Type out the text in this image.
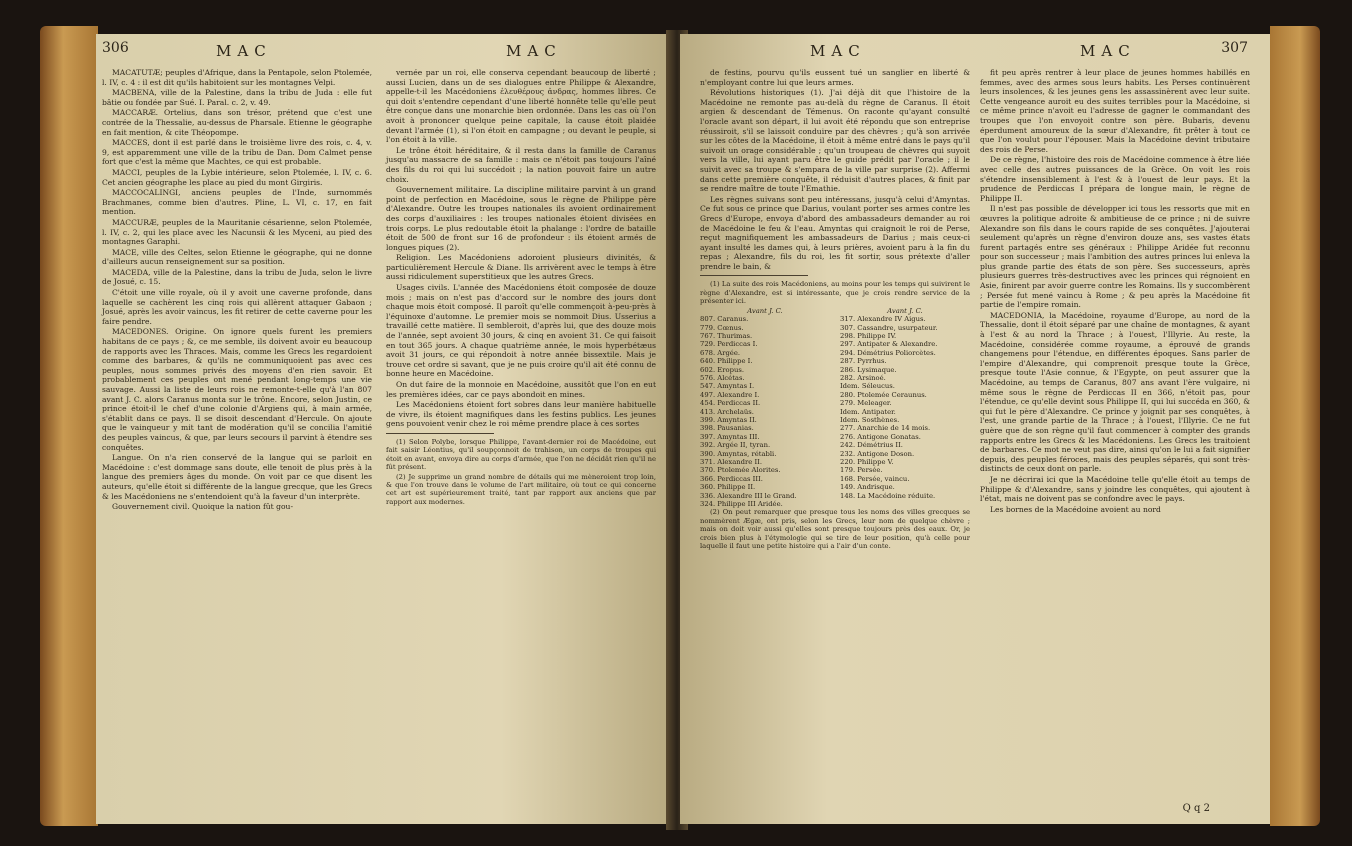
306	MAC	MAC

MACATUTÆ; peuples d'Afrique, dans la Pentapole, selon Ptolemée, l. IV, c. 4 : il est dit qu'ils habitoient sur les montagnes Velpi.

MACBENA, ville de la Palestine, dans la tribu de Juda : elle fut bâtie ou fondée par Sué. I. Paral. c. 2, v. 49.

MACCARÆ. Ortelius, dans son trésor, prétend que c'est une contrée de la Thessalie, au-dessus de Pharsale. Etienne le géographe en fait mention, & cite Théopompe.

MACCES, dont il est parlé dans le troisième livre des rois, c. 4, v. 9, est apparemment une ville de la tribu de Dan. Dom Calmet pense fort que c'est la même que Machtes, ce qui est probable.

MACCI, peuples de la Lybie intérieure, selon Ptolemée, l. IV, c. 6. Cet ancien géographe les place au pied du mont Girgiris.

MACCOCALINGI, anciens peuples de l'Inde, surnommés Brachmanes, comme bien d'autres. Pline, L. VI, c. 17, en fait mention.

MACCURÆ, peuples de la Mauritanie césarienne, selon Ptolemée, l. IV, c. 2, qui les place avec les Nacunsii & les Myceni, au pied des montagnes Garaphi.

MACE, ville des Celtes, selon Etienne le géographe, qui ne donne d'ailleurs aucun renseignement sur sa position.

MACEDA, ville de la Palestine, dans la tribu de Juda, selon le livre de Josué, c. 15.

C'étoit une ville royale, où il y avoit une caverne profonde, dans laquelle se cachèrent les cinq rois qui allèrent attaquer Gabaon ; Josué, après les avoir vaincus, les fit retirer de cette caverne pour les faire pendre.

MACEDONES. Origine. On ignore quels furent les premiers habitans de ce pays ; &, ce me semble, ils doivent avoir eu beaucoup de rapports avec les Thraces. Mais, comme les Grecs les regardoient comme des barbares, & qu'ils ne communiquoient pas avec ces peuples, nous sommes privés des moyens d'en rien savoir. Et probablement ces peuples ont mené pendant long-temps une vie sauvage. Aussi la liste de leurs rois ne remonte-t-elle qu'à l'an 807 avant J. C. alors Caranus monta sur le trône. Encore, selon Justin, ce prince étoit-il le chef d'une colonie d'Argiens qui, à main armée, s'établit dans ce pays. Il se disoit descendant d'Hercule. On ajoute que le vainqueur y mit tant de modération qu'il se concilia l'amitié des peuples vaincus, & que, par leurs secours il parvint à étendre ses conquêtes.

Langue. On n'a rien conservé de la langue qui se parloit en Macédoine : c'est dommage sans doute, elle tenoit de plus près à la langue des premiers âges du monde. On voit par ce que disent les auteurs, qu'elle étoit si différente de la langue grecque, que les Grecs & les Macédoniens ne s'entendoient qu'à la faveur d'un interprète.

Gouvernement civil. Quoique la nation fût gou-

vernée par un roi, elle conserva cependant beaucoup de liberté ; aussi Lucien, dans un de ses dialogues entre Philippe & Alexandre, appelle-t-il les Macédoniens ἐλευθέρους ἀνδρας, hommes libres. Ce qui doit s'entendre cependant d'une liberté honnête telle qu'elle peut être conçue dans une monarchie bien ordonnée. Dans les cas où l'on avoit à prononcer quelque peine capitale, la cause étoit plaidée devant l'armée (1), si l'on étoit en campagne ; ou devant le peuple, si l'on étoit à la ville.

Le trône étoit héréditaire, & il resta dans la famille de Caranus jusqu'au massacre de sa famille : mais ce n'étoit pas toujours l'aîné des fils du roi qui lui succédoit ; la nation pouvoit faire un autre choix.

Gouvernement militaire. La discipline militaire parvint à un grand point de perfection en Macédoine, sous le règne de Philippe père d'Alexandre. Outre les troupes nationales ils avoient ordinairement des corps d'auxiliaires : les troupes nationales étoient divisées en trois corps. Le plus redoutable étoit la phalange : l'ordre de bataille étoit de 500 de front sur 16 de profondeur : ils étoient armés de longues piques (2).

Religion. Les Macédoniens adoroient plusieurs divinités, & particulièrement Hercule & Diane. Ils arrivèrent avec le temps à être aussi ridiculement superstitieux que les autres Grecs.

Usages civils. L'année des Macédoniens étoit composée de douze mois ; mais on n'est pas d'accord sur le nombre des jours dont chaque mois étoit composé. Il paroît qu'elle commençoit à-peu-près à l'équinoxe d'automne. Le premier mois se nommoit Dius. Usserius a travaillé cette matière. Il sembleroit, d'après lui, que des douze mois de l'année, sept avoient 30 jours, & cinq en avoient 31. Ce qui faisoit en tout 365 jours. A chaque quatrième année, le mois hyperbétæus avoit 31 jours, ce qui répondoit à notre année bissextile. Mais je trouve cet ordre si savant, que je ne puis croire qu'il ait été connu de bonne heure en Macédoine.

On dut faire de la monnoie en Macédoine, aussitôt que l'on en eut les premières idées, car ce pays abondoit en mines.

Les Macédoniens étoient fort sobres dans leur manière habituelle de vivre, ils étoient magnifiques dans les festins publics. Les jeunes gens pouvoient venir chez le roi même prendre place à ces sortes

(1) Selon Polybe, lorsque Philippe, l'avant-dernier roi de Macédoine, eut fait saisir Léontius, qu'il soupçonnoit de trahison, un corps de troupes qui étoit en avant, envoya dire au corps d'armée, que l'on ne décidât rien qu'il ne fût présent.

(2) Je supprime un grand nombre de détails qui me mèneroient trop loin, & que l'on trouve dans le volume de l'art militaire, où tout ce qui concerne cet art est supérieurement traité, tant par rapport aux anciens que par rapport aux modernes.

MAC	MAC	307

de festins, pourvu qu'ils eussent tué un sanglier en liberté & n'employant contre lui que leurs armes.

Révolutions historiques (1). J'ai déjà dit que l'histoire de la Macédoine ne remonte pas au-delà du règne de Caranus. Il étoit argien & descendant de Témenus. On raconte qu'ayant consulté l'oracle avant son départ, il lui avoit été répondu que son entreprise réussiroit, s'il se laissoit conduire par des chèvres ; qu'à son arrivée sur les côtes de la Macédoine, il étoit à même entré dans le pays qu'il suivoit un orage considérable ; qu'un troupeau de chèvres qui suyoit vers la ville, lui ayant paru être le guide prédit par l'oracle ; il le suivit avec sa troupe & s'empara de la ville par surprise (2). Affermi dans cette première conquête, il réduisit d'autres places, & finit par se rendre maître de toute l'Emathie.

Les règnes suivans sont peu intéressans, jusqu'à celui d'Amyntas. Ce fut sous ce prince que Darius, voulant porter ses armes contre les Grecs d'Europe, envoya d'abord des ambassadeurs demander au roi de Macédoine le feu & l'eau. Amyntas qui craignoit le roi de Perse, reçut magnifiquement les ambassadeurs de Darius ; mais ceux-ci ayant insulté les dames qui, à leurs prières, avoient paru à la fin du repas ; Alexandre, fils du roi, les fit sortir, sous prétexte d'aller prendre le bain, &

(1) La suite des rois Macédoniens, au moins pour les temps qui suivirent le règne d'Alexandre, est si intéressante, que je crois rendre service de la présenter ici.

Avant J. C.
807. Caranus.
779. Cœnus.
767. Thurimas.
729. Perdiccas I.
678. Argée.
640. Philippe I.
602. Eropus.
576. Alcétas.
547. Amyntas I.
497. Alexandre I.
454. Perdiccas II.
413. Archelaüs.
399. Amyntas II.
398. Pausanias.
397. Amyntas III.
392. Argée II, tyran.
390. Amyntas, rétabli.
371. Alexandre II.
370. Ptolemée Alorites.
366. Perdiccas III.
360. Philippe II.
336. Alexandre III le Grand.
324. Philippe III Aridée.
Avant J. C.
317. Alexandre IV Aigus.
307. Cassandre, usurpateur.
298. Philippe IV.
297. Antipater & Alexandre.
294. Démétrius Poliorcètes.
287. Pyrrhus.
286. Lysimaque.
282. Arsinoé.
Idem. Séleucus.
280. Ptolemée Ceraunus.
279. Meleager.
Idem. Antipater.
Idem. Sosthènes.
277. Anarchie de 14 mois.
276. Antigone Gonatas.
242. Démétrius II.
232. Antigone Doson.
220. Philippe V.
179. Persée.
168. Persée, vaincu.
149. Andrisque.
148. La Macédoine réduite.

(2) On peut remarquer que presque tous les noms des villes grecques se nommèrent Ægæ, ont pris, selon les Grecs, leur nom de quelque chèvre ; mais on doit voir aussi qu'elles sont presque toujours près des eaux. Or, je crois bien plus à l'étymologie qui se tire de leur position, qu'à celle pour laquelle il faut une petite histoire qui a l'air d'un conte.

fit peu après rentrer à leur place de jeunes hommes habillés en femmes, avec des armes sous leurs habits. Les Perses continuèrent leurs insolences, & les jeunes gens les assassinèrent avec leur suite. Cette vengeance auroit eu des suites terribles pour la Macédoine, si ce même prince n'avoit eu l'adresse de gagner le commandant des troupes que l'on envoyoit contre son père. Bubaris, devenu éperdument amoureux de la sœur d'Alexandre, fit prêter à tout ce que l'on voulut pour l'épouser. Mais la Macédoine devint tributaire des rois de Perse.

De ce règne, l'histoire des rois de Macédoine commence à être liée avec celle des autres puissances de la Grèce. On voit les rois s'étendre insensiblement à l'est & à l'ouest de leur pays. Et la prudence de Perdiccas I prépara de longue main, le règne de Philippe II.

Il n'est pas possible de développer ici tous les ressorts que mit en œuvres la politique adroite & ambitieuse de ce prince ; ni de suivre Alexandre son fils dans le cours rapide de ses conquêtes. J'ajouterai seulement qu'après un règne d'environ douze ans, ses vastes états furent partagés entre ses généraux : Philippe Aridée fut reconnu pour son successeur ; mais l'ambition des autres princes lui enleva la plus grande partie des états de son père. Ses successeurs, après plusieurs guerres très-destructives avec les princes qui régnoient en Asie, finirent par avoir guerre contre les Romains. Ils y succombèrent ; Persée fut mené vaincu à Rome ; & peu après la Macédoine fit partie de l'empire romain.

MACEDONIA, la Macédoine, royaume d'Europe, au nord de la Thessalie, dont il étoit séparé par une chaîne de montagnes, & ayant à l'est & au nord la Thrace ; à l'ouest, l'Illyrie. Au reste, la Macédoine, considérée comme royaume, a éprouvé de grands changemens pour l'étendue, en différentes époques. Sans parler de l'empire d'Alexandre, qui comprenoit presque toute la Grèce, presque toute l'Asie connue, & l'Egypte, on peut assurer que la Macédoine, au temps de Caranus, 807 ans avant l'ère vulgaire, ni même sous le règne de Perdiccas II en 366, n'étoit pas, pour l'étendue, ce qu'elle devint sous Philippe II, qui lui succéda en 360, & qui fut le père d'Alexandre. Ce prince y joignit par ses conquêtes, à l'est, une grande partie de la Thrace ; à l'ouest, l'Illyrie. Ce ne fut guère que de son règne qu'il faut commencer à compter des grands rapports entre les Grecs & les Macédoniens. Les Grecs les traitoient de barbares. Ce mot ne veut pas dire, ainsi qu'on le lui a fait signifier depuis, des peuples féroces, mais des peuples séparés, qui sont très-distincts de ceux dont on parle.

Je ne décrirai ici que la Macédoine telle qu'elle étoit au temps de Philippe & d'Alexandre, sans y joindre les conquêtes, qui ajoutent à l'état, mais ne doivent pas se confondre avec le pays.

Les bornes de la Macédoine avoient au nord

Q q 2
